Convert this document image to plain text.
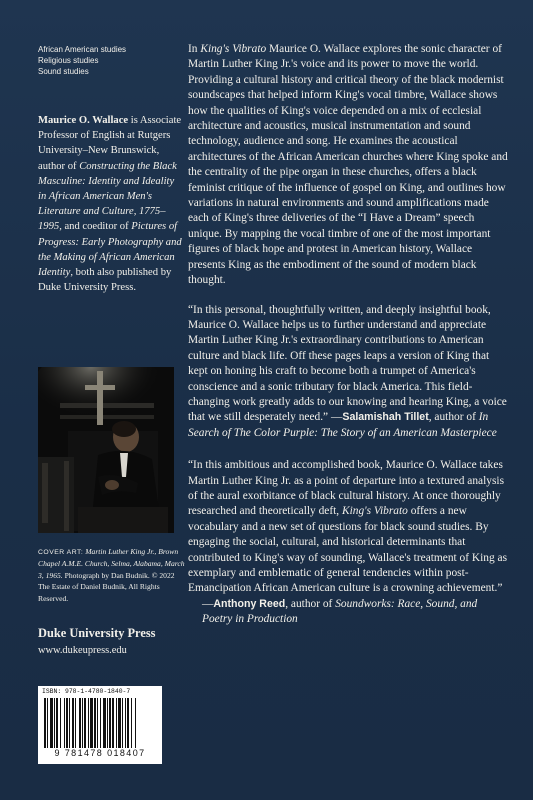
African American studies
Religious studies
Sound studies
Maurice O. Wallace is Associate Professor of English at Rutgers University–New Brunswick, author of Constructing the Black Masculine: Identity and Ideality in African American Men's Literature and Culture, 1775–1995, and coeditor of Pictures of Progress: Early Photography and the Making of African American Identity, both also published by Duke University Press.
COVER ART: Martin Luther King Jr., Brown Chapel A.M.E. Church, Selma, Alabama, March 3, 1965. Photograph by Dan Budnik. © 2022 The Estate of Daniel Budnik, All Rights Reserved.
Duke University Press
www.dukeupress.edu
ISBN: 978-1-4780-1840-7
9 781478 018407

In King's Vibrato Maurice O. Wallace explores the sonic character of Martin Luther King Jr.'s voice and its power to move the world. Providing a cultural history and critical theory of the black modernist soundscapes that helped inform King's vocal timbre, Wallace shows how the qualities of King's voice depended on a mix of ecclesial architecture and acoustics, musical instrumentation and sound technology, audience and song. He examines the acoustical architectures of the African American churches where King spoke and the centrality of the pipe organ in these churches, offers a black feminist critique of the influence of gospel on King, and outlines how variations in natural environments and sound amplifications made each of King's three deliveries of the “I Have a Dream” speech unique. By mapping the vocal timbre of one of the most important figures of black hope and protest in American history, Wallace presents King as the embodiment of the sound of modern black thought.

“In this personal, thoughtfully written, and deeply insightful book, Maurice O. Wallace helps us to further understand and appreciate Martin Luther King Jr.'s extraordinary contributions to American culture and black life. Off these pages leaps a version of King that kept on honing his craft to become both a trumpet of America's conscience and a sonic tributary for black America. This field-changing work greatly adds to our knowing and hearing King, a voice that we still desperately need.” —Salamishah Tillet, author of In Search of The Color Purple: The Story of an American Masterpiece

“In this ambitious and accomplished book, Maurice O. Wallace takes Martin Luther King Jr. as a point of departure into a textured analysis of the aural exorbitance of black cultural history. At once thoroughly researched and theoretically deft, King's Vibrato offers a new vocabulary and a new set of questions for black sound studies. By engaging the social, cultural, and historical determinants that contributed to King's way of sounding, Wallace's treatment of King as exemplary and emblematic of general tendencies within post-Emancipation African American culture is a crowning achievement.”

—Anthony Reed, author of Soundworks: Race, Sound, and Poetry in Production
